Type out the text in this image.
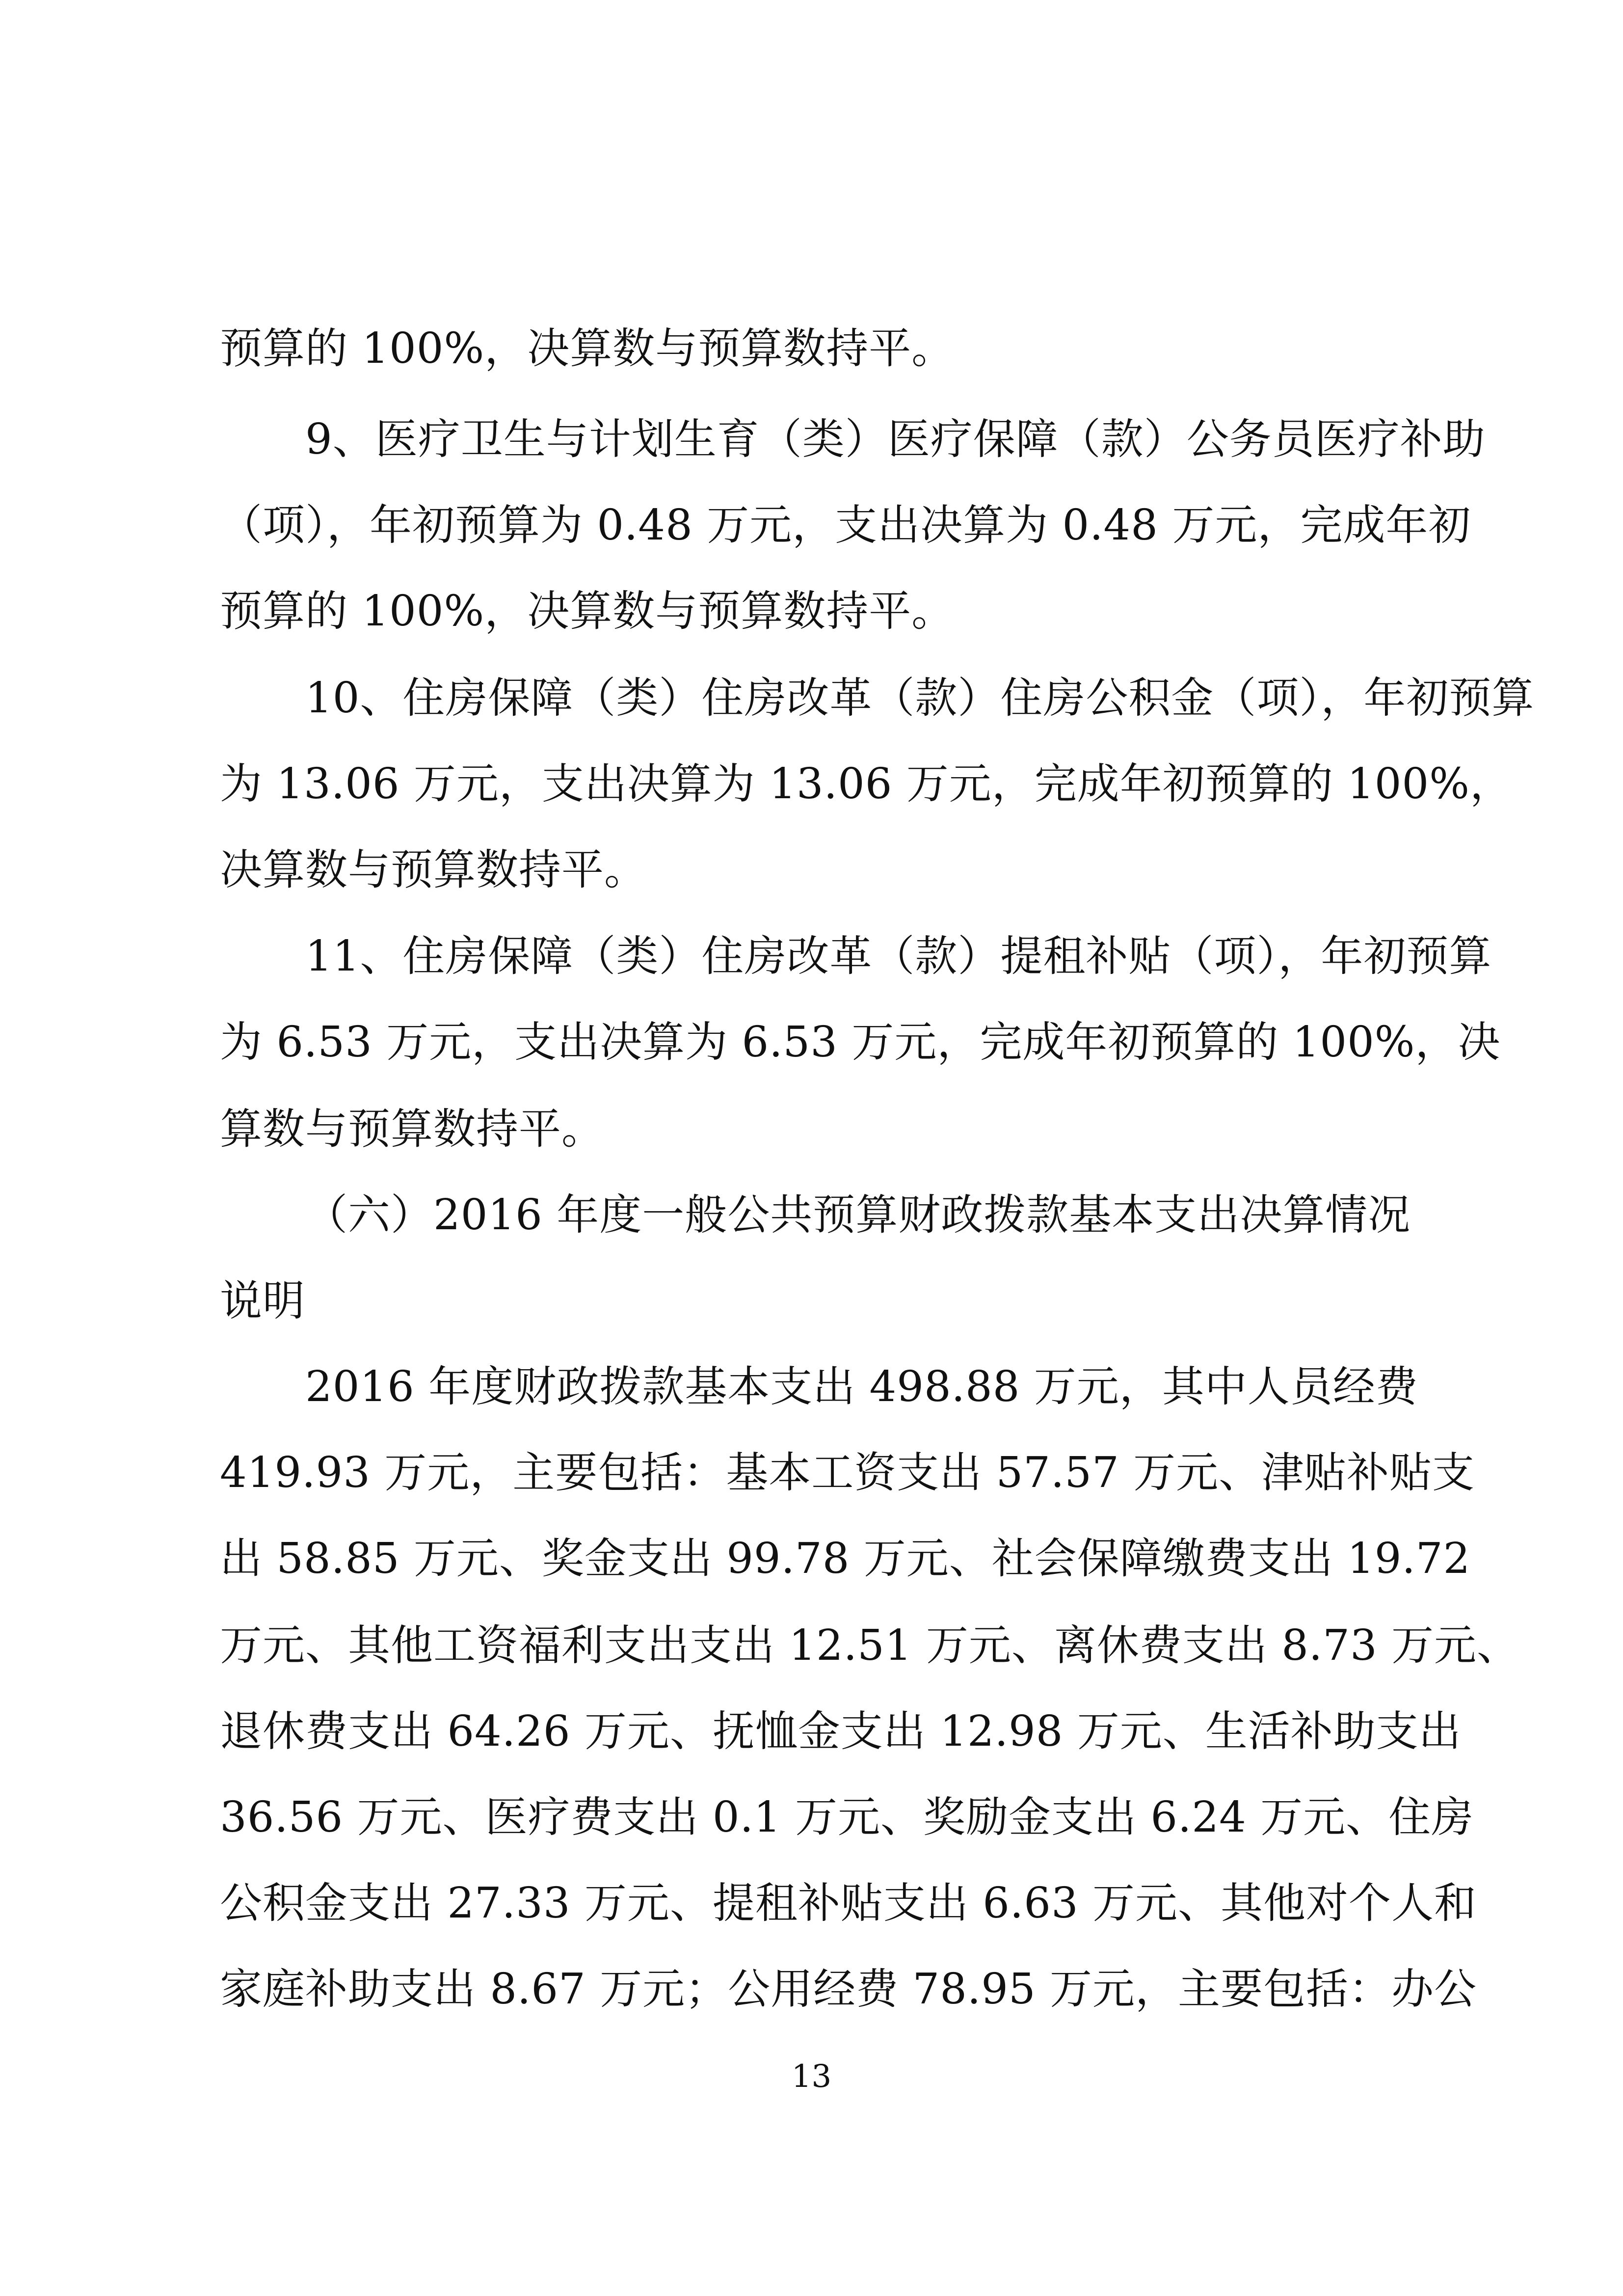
预算的 100%，决算数与预算数持平。
9、医疗卫生与计划生育（类）医疗保障（款）公务员医疗补助
（项），年初预算为 0.48 万元，支出决算为 0.48 万元，完成年初
预算的 100%，决算数与预算数持平。
10、住房保障（类）住房改革（款）住房公积金（项），年初预算
为 13.06 万元，支出决算为 13.06 万元，完成年初预算的 100%，
决算数与预算数持平。
11、住房保障（类）住房改革（款）提租补贴（项），年初预算
为 6.53 万元，支出决算为 6.53 万元，完成年初预算的 100%，决
算数与预算数持平。
（六）2016 年度一般公共预算财政拨款基本支出决算情况
说明
2016 年度财政拨款基本支出 498.88 万元，其中人员经费
419.93 万元，主要包括：基本工资支出 57.57 万元、津贴补贴支
出 58.85 万元、奖金支出 99.78 万元、社会保障缴费支出 19.72
万元、其他工资福利支出支出 12.51 万元、离休费支出 8.73 万元、
退休费支出 64.26 万元、抚恤金支出 12.98 万元、生活补助支出
36.56 万元、医疗费支出 0.1 万元、奖励金支出 6.24 万元、住房
公积金支出 27.33 万元、提租补贴支出 6.63 万元、其他对个人和
家庭补助支出 8.67 万元；公用经费 78.95 万元，主要包括：办公
13
